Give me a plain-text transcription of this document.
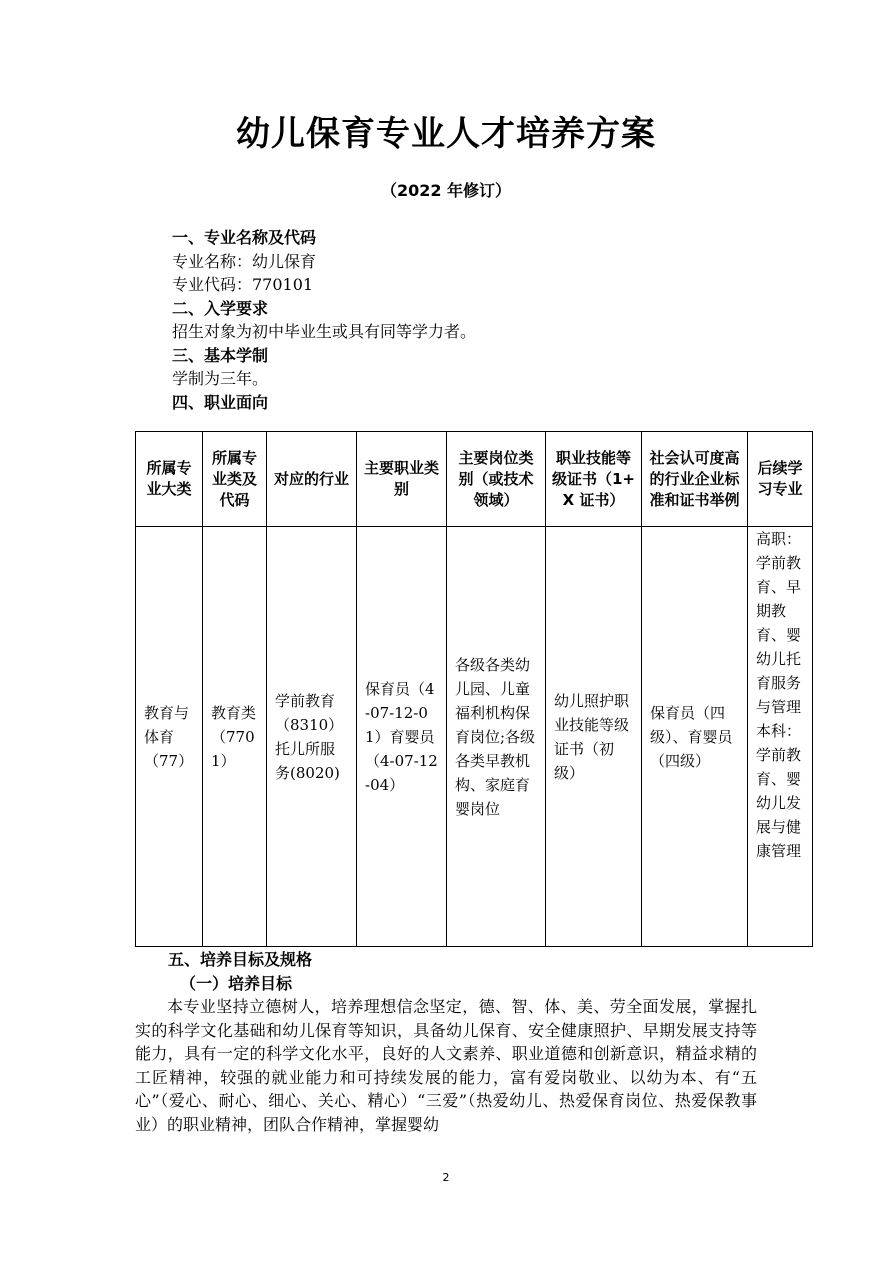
幼儿保育专业人才培养方案
（2022 年修订）
一、专业名称及代码
专业名称：幼儿保育
专业代码：770101
二、入学要求
招生对象为初中毕业生或具有同等学力者。
三、基本学制
学制为三年。
四、职业面向
所属专业大类	所属专业类及代码	对应的行业	主要职业类别	主要岗位类别（或技术领域）	职业技能等级证书（1+X 证书）	社会认可度高的行业企业标准和证书举例	后续学习专业
教育与体育（77）	教育类（7701）	学前教育（8310）托儿所服务(8020)	保育员（4-07-12-01）育婴员（4-07-12-04）	各级各类幼儿园、儿童福利机构保育岗位;各级各类早教机构、家庭育婴岗位	幼儿照护职业技能等级证书（初级）	保育员（四级）、育婴员（四级）	高职：学前教育、早期教育、婴幼儿托育服务与管理本科：学前教育、婴幼儿发展与健康管理
五、培养目标及规格
（一）培养目标
本专业坚持立德树人，培养理想信念坚定，德、智、体、美、劳全面发展，掌握扎实的科学文化基础和幼儿保育等知识，具备幼儿保育、安全健康照护、早期发展支持等能力，具有一定的科学文化水平，良好的人文素养、职业道德和创新意识，精益求精的工匠精神，较强的就业能力和可持续发展的能力，富有爱岗敬业、以幼为本、有“五心”（爱心、耐心、细心、关心、精心）“三爱”（热爱幼儿、热爱保育岗位、热爱保教事业）的职业精神，团队合作精神，掌握婴幼
2
